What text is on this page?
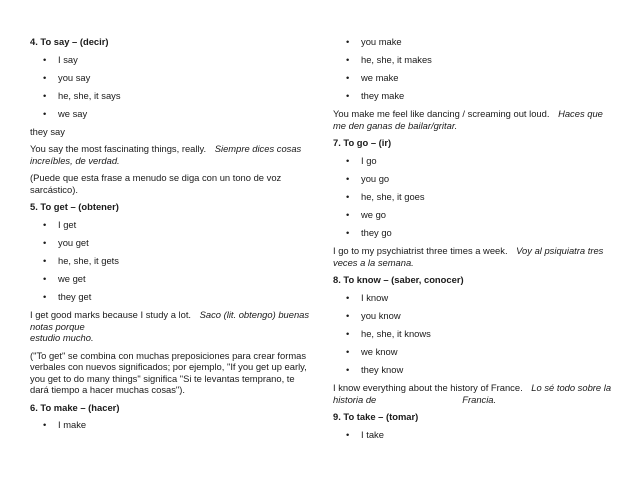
4. To say – (decir)
• I say
• you say
• he, she, it says
• we say

they say

You say the most fascinating things, really. Siempre dices cosas increíbles, de verdad.

(Puede que esta frase a menudo se diga con un tono de voz sarcástico).

5. To get – (obtener)
• I get
• you get
• he, she, it gets
• we get
• they get

I get good marks because I study a lot. Saco (lit. obtengo) buenas notas porque
estudio mucho.

("To get" se combina con muchas preposiciones para crear formas verbales con nuevos significados; por ejemplo, "If you get up early, you get to do many things" significa "Si te levantas temprano, te dará tiempo a hacer muchas cosas").

6. To make – (hacer)
• I make
• you make
• he, she, it makes
• we make
• they make

You make me feel like dancing / screaming out loud. Haces que me den ganas de bailar/gritar.

7. To go – (ir)
• I go
• you go
• he, she, it goes
• we go
• they go

I go to my psychiatrist three times a week. Voy al psiquiatra tres veces a la semana.

8. To know – (saber, conocer)
• I know
• you know
• he, she, it knows
• we know
• they know

I know everything about the history of France. Lo sé todo sobre la historia de	Francia.

9. To take – (tomar)
• I take
